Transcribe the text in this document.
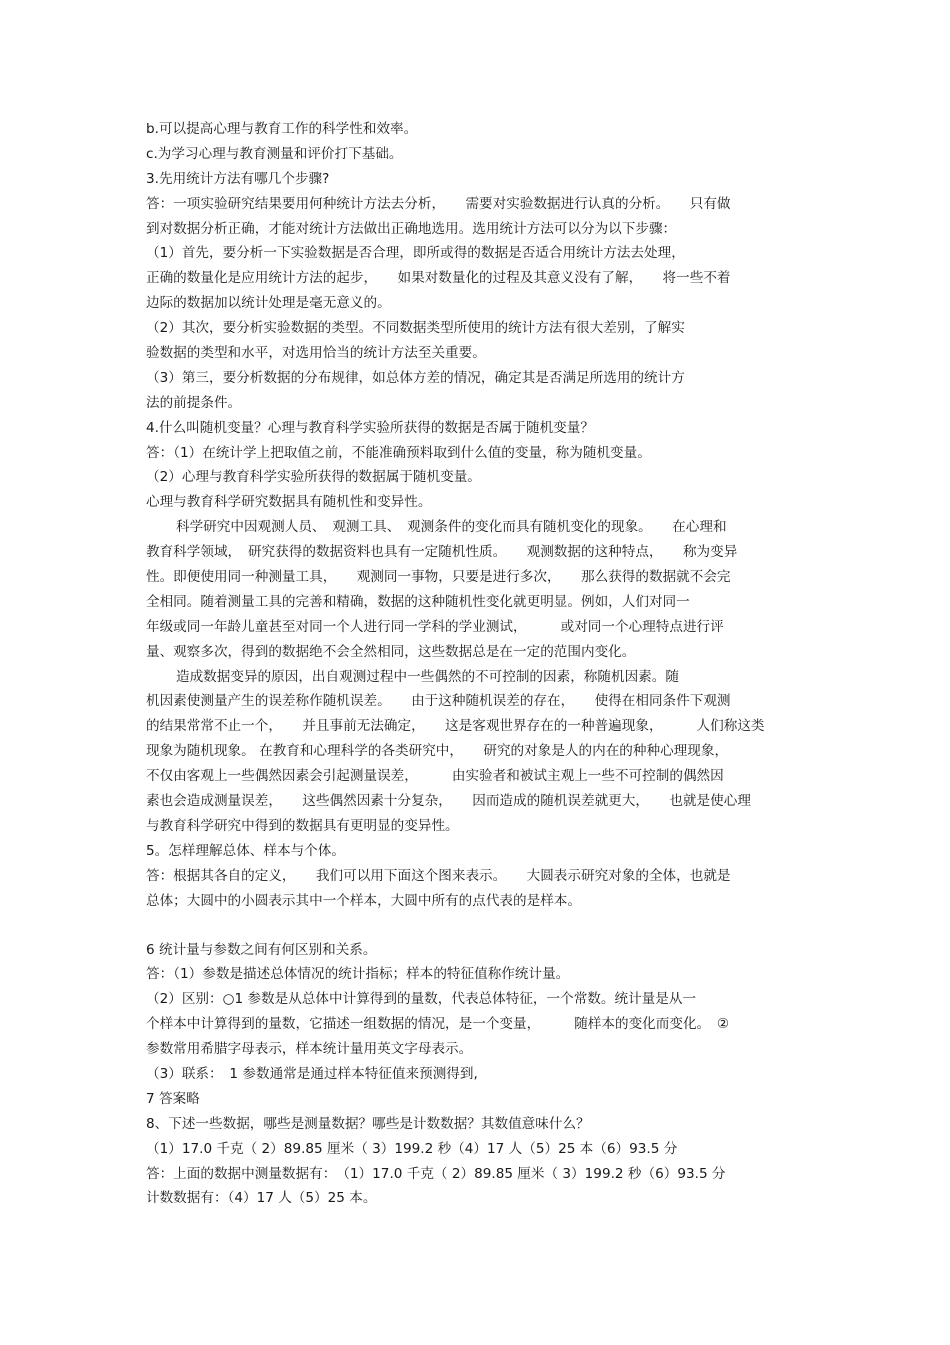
b.可以提高心理与教育工作的科学性和效率。
c.为学习心理与教育测量和评价打下基础。
3.先用统计方法有哪几个步骤?
答：一项实验研究结果要用何种统计方法去分析，　　需要对实验数据进行认真的分析。　　只有做
到对数据分析正确，才能对统计方法做出正确地选用。选用统计方法可以分为以下步骤：
（1）首先，要分析一下实验数据是否合理，即所或得的数据是否适合用统计方法去处理，
正确的数量化是应用统计方法的起步，　　如果对数量化的过程及其意义没有了解，　　将一些不着
边际的数据加以统计处理是毫无意义的。
（2）其次，要分析实验数据的类型。不同数据类型所使用的统计方法有很大差别，了解实
验数据的类型和水平，对选用恰当的统计方法至关重要。
（3）第三，要分析数据的分布规律，如总体方差的情况，确定其是否满足所选用的统计方
法的前提条件。
4.什么叫随机变量？心理与教育科学实验所获得的数据是否属于随机变量？
答：（1）在统计学上把取值之前，不能准确预料取到什么值的变量，称为随机变量。
（2）心理与教育科学实验所获得的数据属于随机变量。
心理与教育科学研究数据具有随机性和变异性。
科学研究中因观测人员、　观测工具、　观测条件的变化而具有随机变化的现象。　　在心理和
教育科学领域，　研究获得的数据资料也具有一定随机性质。　　观测数据的这种特点，　　称为变异
性。即便使用同一种测量工具，　　观测同一事物，只要是进行多次，　　那么获得的数据就不会完
全相同。随着测量工具的完善和精确，数据的这种随机性变化就更明显。例如，人们对同一
年级或同一年龄儿童甚至对同一个人进行同一学科的学业测试，　　　或对同一个心理特点进行评
量、观察多次，得到的数据绝不会全然相同，这些数据总是在一定的范围内变化。
造成数据变异的原因，出自观测过程中一些偶然的不可控制的因素，称随机因素。随
机因素使测量产生的误差称作随机误差。　　由于这种随机误差的存在，　　使得在相同条件下观测
的结果常常不止一个，　　并且事前无法确定，　　这是客观世界存在的一种普遍现象，　　　人们称这类
现象为随机现象。 在教育和心理科学的各类研究中，　　研究的对象是人的内在的种种心理现象，
不仅由客观上一些偶然因素会引起测量误差，　　　由实验者和被试主观上一些不可控制的偶然因
素也会造成测量误差，　　这些偶然因素十分复杂，　　因而造成的随机误差就更大，　　也就是使心理
与教育科学研究中得到的数据具有更明显的变异性。
5。怎样理解总体、样本与个体。
答：根据其各自的定义，　　我们可以用下面这个图来表示。　　大圆表示研究对象的全体，也就是
总体；大圆中的小圆表示其中一个样本，大圆中所有的点代表的是样本。
6 统计量与参数之间有何区别和关系。
答：（1）参数是描述总体情况的统计指标；样本的特征值称作统计量。
（2）区别：○1 参数是从总体中计算得到的量数，代表总体特征，一个常数。统计量是从一
个样本中计算得到的量数，它描述一组数据的情况，是一个变量，　　　随样本的变化而变化。　②
参数常用希腊字母表示，样本统计量用英文字母表示。
（3）联系：　1 参数通常是通过样本特征值来预测得到,
7 答案略
8、下述一些数据，哪些是测量数据？哪些是计数数据？其数值意味什么？
（1）17.0 千克（ 2）89.85 厘米（ 3）199.2 秒（4）17 人（5）25 本（6）93.5 分
答：上面的数据中测量数据有：　（1）17.0 千克（ 2）89.85 厘米（ 3）199.2 秒（6）93.5 分
计数数据有：（4）17 人（5）25 本。
